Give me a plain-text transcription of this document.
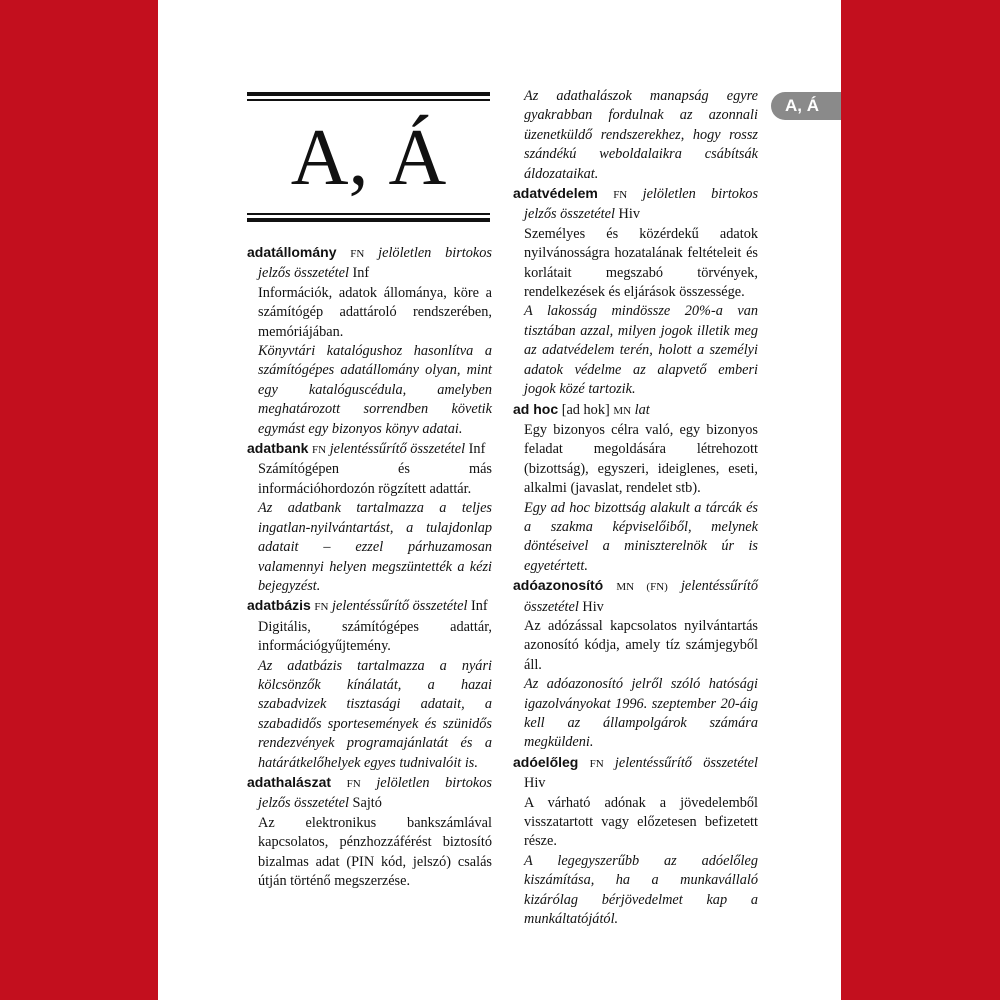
A, Á
A, Á

adatállomány FN jelöletlen birtokos jelzős összetétel Inf

Információk, adatok állománya, köre a számítógép adattároló rendszerében, memóriájában.

Könyvtári katalógushoz hasonlítva a számítógépes adatállomány olyan, mint egy katalóguscédula, amelyben meghatározott sorrendben követik egymást egy bizonyos könyv adatai.

adatbank FN jelentéssűrítő összetétel Inf

Számítógépen és más információhordozón rögzített adattár.

Az adatbank tartalmazza a teljes ingatlan-nyilvántartást, a tulajdonlap adatait – ezzel párhuzamosan valamennyi helyen megszüntették a kézi bejegyzést.

adatbázis FN jelentéssűrítő összetétel Inf

Digitális, számítógépes adattár, információgyűjtemény.

Az adatbázis tartalmazza a nyári kölcsönzők kínálatát, a hazai szabadvizek tisztasági adatait, a szabadidős sportesemények és szünidős rendezvények programajánlatát és a határátkelőhelyek egyes tudnivalóit is.

adathalászat FN jelöletlen birtokos jelzős összetétel Sajtó

Az elektronikus bankszámlával kapcsolatos, pénzhozzáférést biztosító bizalmas adat (PIN kód, jelszó) csalás útján történő megszerzése.

Az adathalászok manapság egyre gyakrabban fordulnak az azonnali üzenetküldő rendszerekhez, hogy rossz szándékú weboldalaikra csábítsák áldozataikat.

adatvédelem FN jelöletlen birtokos jelzős összetétel Hiv

Személyes és közérdekű adatok nyilvánosságra hozatalának feltételeit és korlátait megszabó törvények, rendelkezések és eljárások összessége.

A lakosság mindössze 20%-a van tisztában azzal, milyen jogok illetik meg az adatvédelem terén, holott a személyi adatok védelme az alapvető emberi jogok közé tartozik.

ad hoc [ad hok] MN lat

Egy bizonyos célra való, egy bizonyos feladat megoldására létrehozott (bizottság), egyszeri, ideiglenes, eseti, alkalmi (javaslat, rendelet stb).

Egy ad hoc bizottság alakult a tárcák és a szakma képviselőiből, melynek döntéseivel a miniszterelnök úr is egyetértett.

adóazonosító MN (FN) jelentéssűrítő összetétel Hiv

Az adózással kapcsolatos nyilvántartás azonosító kódja, amely tíz számjegyből áll.

Az adóazonosító jelről szóló hatósági igazolványokat 1996. szeptember 20-áig kell az állampolgárok számára megküldeni.

adóelőleg FN jelentéssűrítő összetétel Hiv

A várható adónak a jövedelemből visszatartott vagy előzetesen befizetett része.

A legegyszerűbb az adóelőleg kiszámítása, ha a munkavállaló kizárólag bérjövedelmet kap a munkáltatójától.
